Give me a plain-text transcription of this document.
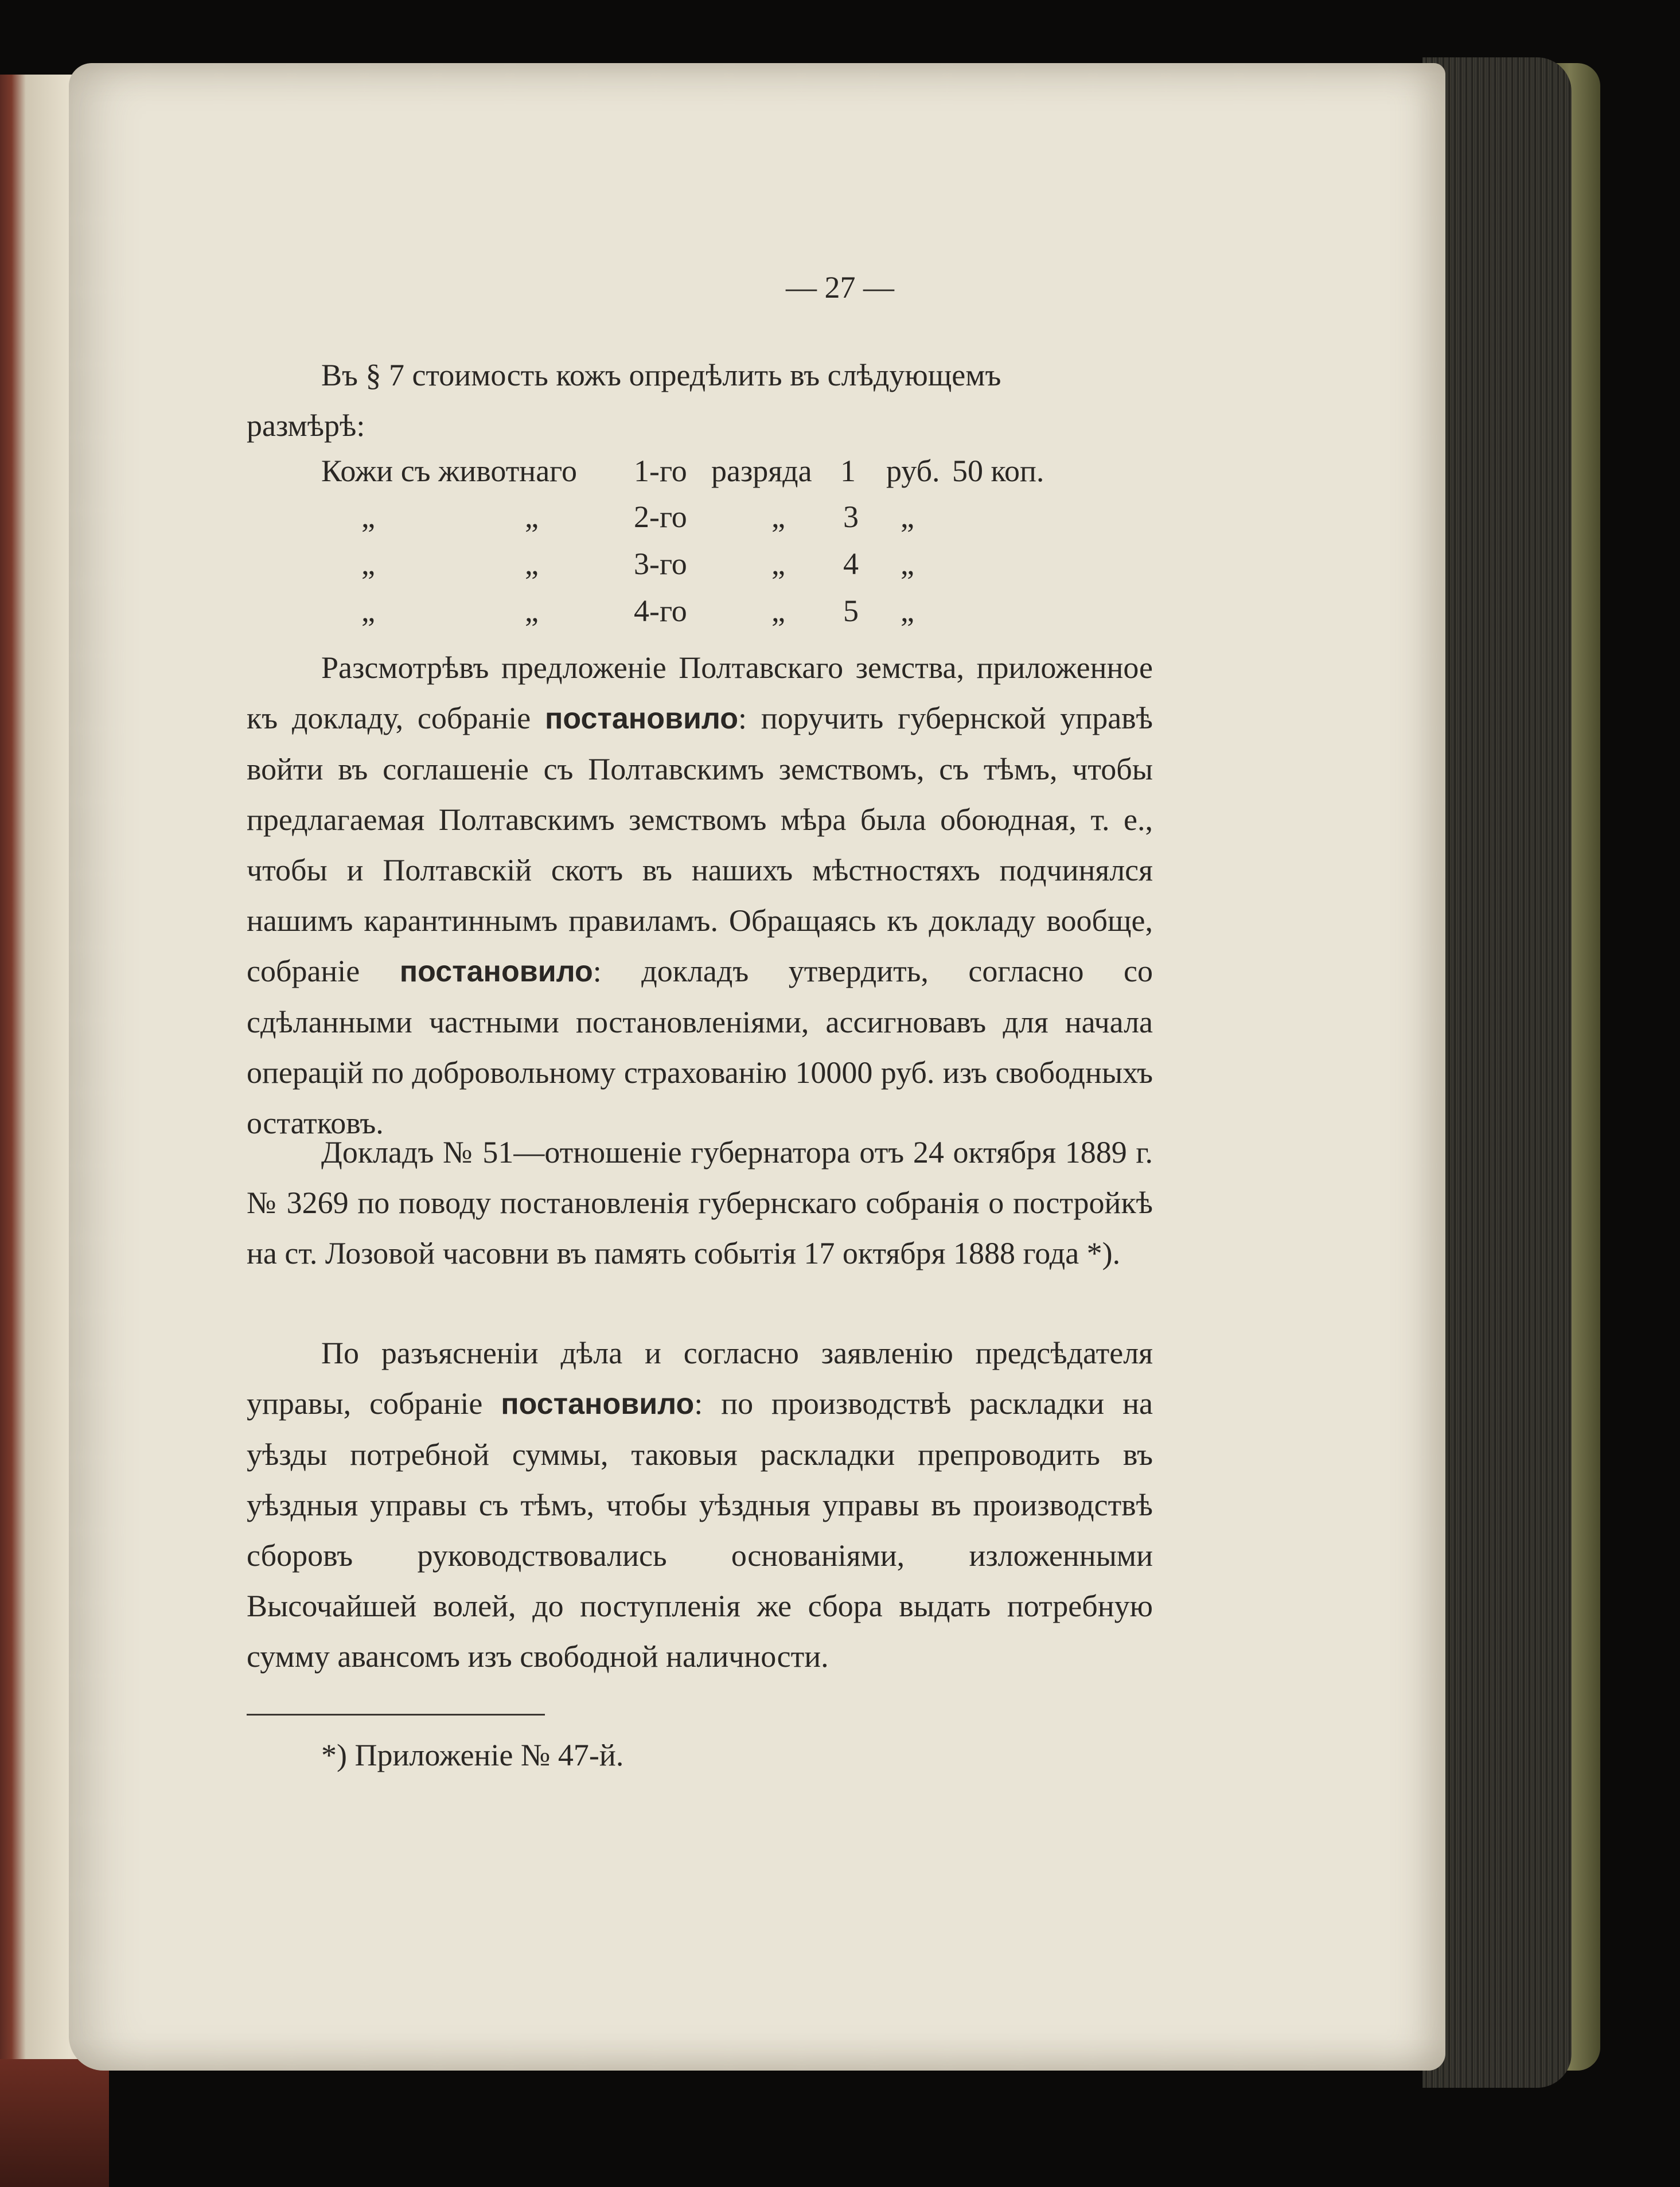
— 27 —
Въ § 7 стоимость кожъ опредѣлить въ слѣдующемъ
размѣрѣ:
Кожи съ животнаго 1-го разряда 1 руб. 50 коп.
„	„	2-го	„ 3 „
„	„	3-го	„ 4 „
„	„	4-го	„ 5 „
Разсмотрѣвъ предложеніе Полтавскаго земства, приложенное къ докладу, собраніе постановило: поручить губернской управѣ войти въ соглашеніе съ Полтавскимъ земствомъ, съ тѣмъ, чтобы предлагаемая Полтавскимъ земствомъ мѣра была обоюдная, т. е., чтобы и Полтавскій скотъ въ нашихъ мѣстностяхъ подчинялся нашимъ карантиннымъ правиламъ. Обращаясь къ докладу вообще, собраніе постановило: докладъ утвердить, согласно со сдѣланными частными постановленіями, ассигновавъ для начала операцій по добровольному страхованію 10000 руб. изъ свободныхъ остатковъ.
Докладъ № 51—отношеніе губернатора отъ 24 октября 1889 г. № 3269 по поводу постановленія губернскаго собранія о постройкѣ на ст. Лозовой часовни въ память событія 17 октября 1888 года *).
По разъясненіи дѣла и согласно заявленію предсѣдателя управы, собраніе постановило: по производствѣ раскладки на уѣзды потребной суммы, таковыя раскладки препроводить въ уѣздныя управы съ тѣмъ, чтобы уѣздныя управы въ производствѣ сборовъ руководствовались основаніями, изложенными Высочайшей волей, до поступленія же сбора выдать потребную сумму авансомъ изъ свободной наличности.
*) Приложеніе № 47-й.
